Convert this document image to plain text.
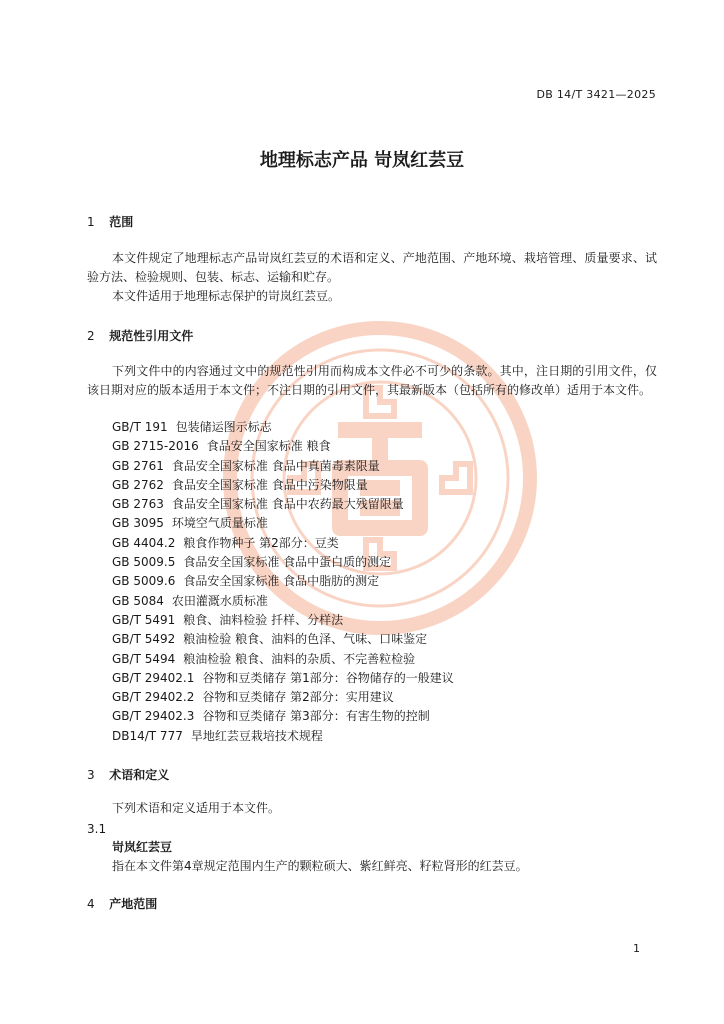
DB 14/T 3421—2025
地理标志产品 岢岚红芸豆
1 范围
本文件规定了地理标志产品岢岚红芸豆的术语和定义、产地范围、产地环境、栽培管理、质量要求、试验方法、检验规则、包装、标志、运输和贮存。
本文件适用于地理标志保护的岢岚红芸豆。
2 规范性引用文件
下列文件中的内容通过文中的规范性引用而构成本文件必不可少的条款。其中，注日期的引用文件，仅该日期对应的版本适用于本文件；不注日期的引用文件，其最新版本（包括所有的修改单）适用于本文件。
GB/T 191 包装储运图示标志
GB 2715-2016 食品安全国家标准 粮食
GB 2761 食品安全国家标准 食品中真菌毒素限量
GB 2762 食品安全国家标准 食品中污染物限量
GB 2763 食品安全国家标准 食品中农药最大残留限量
GB 3095 环境空气质量标准
GB 4404.2 粮食作物种子 第2部分：豆类
GB 5009.5 食品安全国家标准 食品中蛋白质的测定
GB 5009.6 食品安全国家标准 食品中脂肪的测定
GB 5084 农田灌溉水质标准
GB/T 5491 粮食、油料检验 扦样、分样法
GB/T 5492 粮油检验 粮食、油料的色泽、气味、口味鉴定
GB/T 5494 粮油检验 粮食、油料的杂质、不完善粒检验
GB/T 29402.1 谷物和豆类储存 第1部分：谷物储存的一般建议
GB/T 29402.2 谷物和豆类储存 第2部分：实用建议
GB/T 29402.3 谷物和豆类储存 第3部分：有害生物的控制
DB14/T 777 旱地红芸豆栽培技术规程
3 术语和定义
下列术语和定义适用于本文件。
3.1
岢岚红芸豆
指在本文件第4章规定范围内生产的颗粒硕大、紫红鲜亮、籽粒肾形的红芸豆。
4 产地范围
1
